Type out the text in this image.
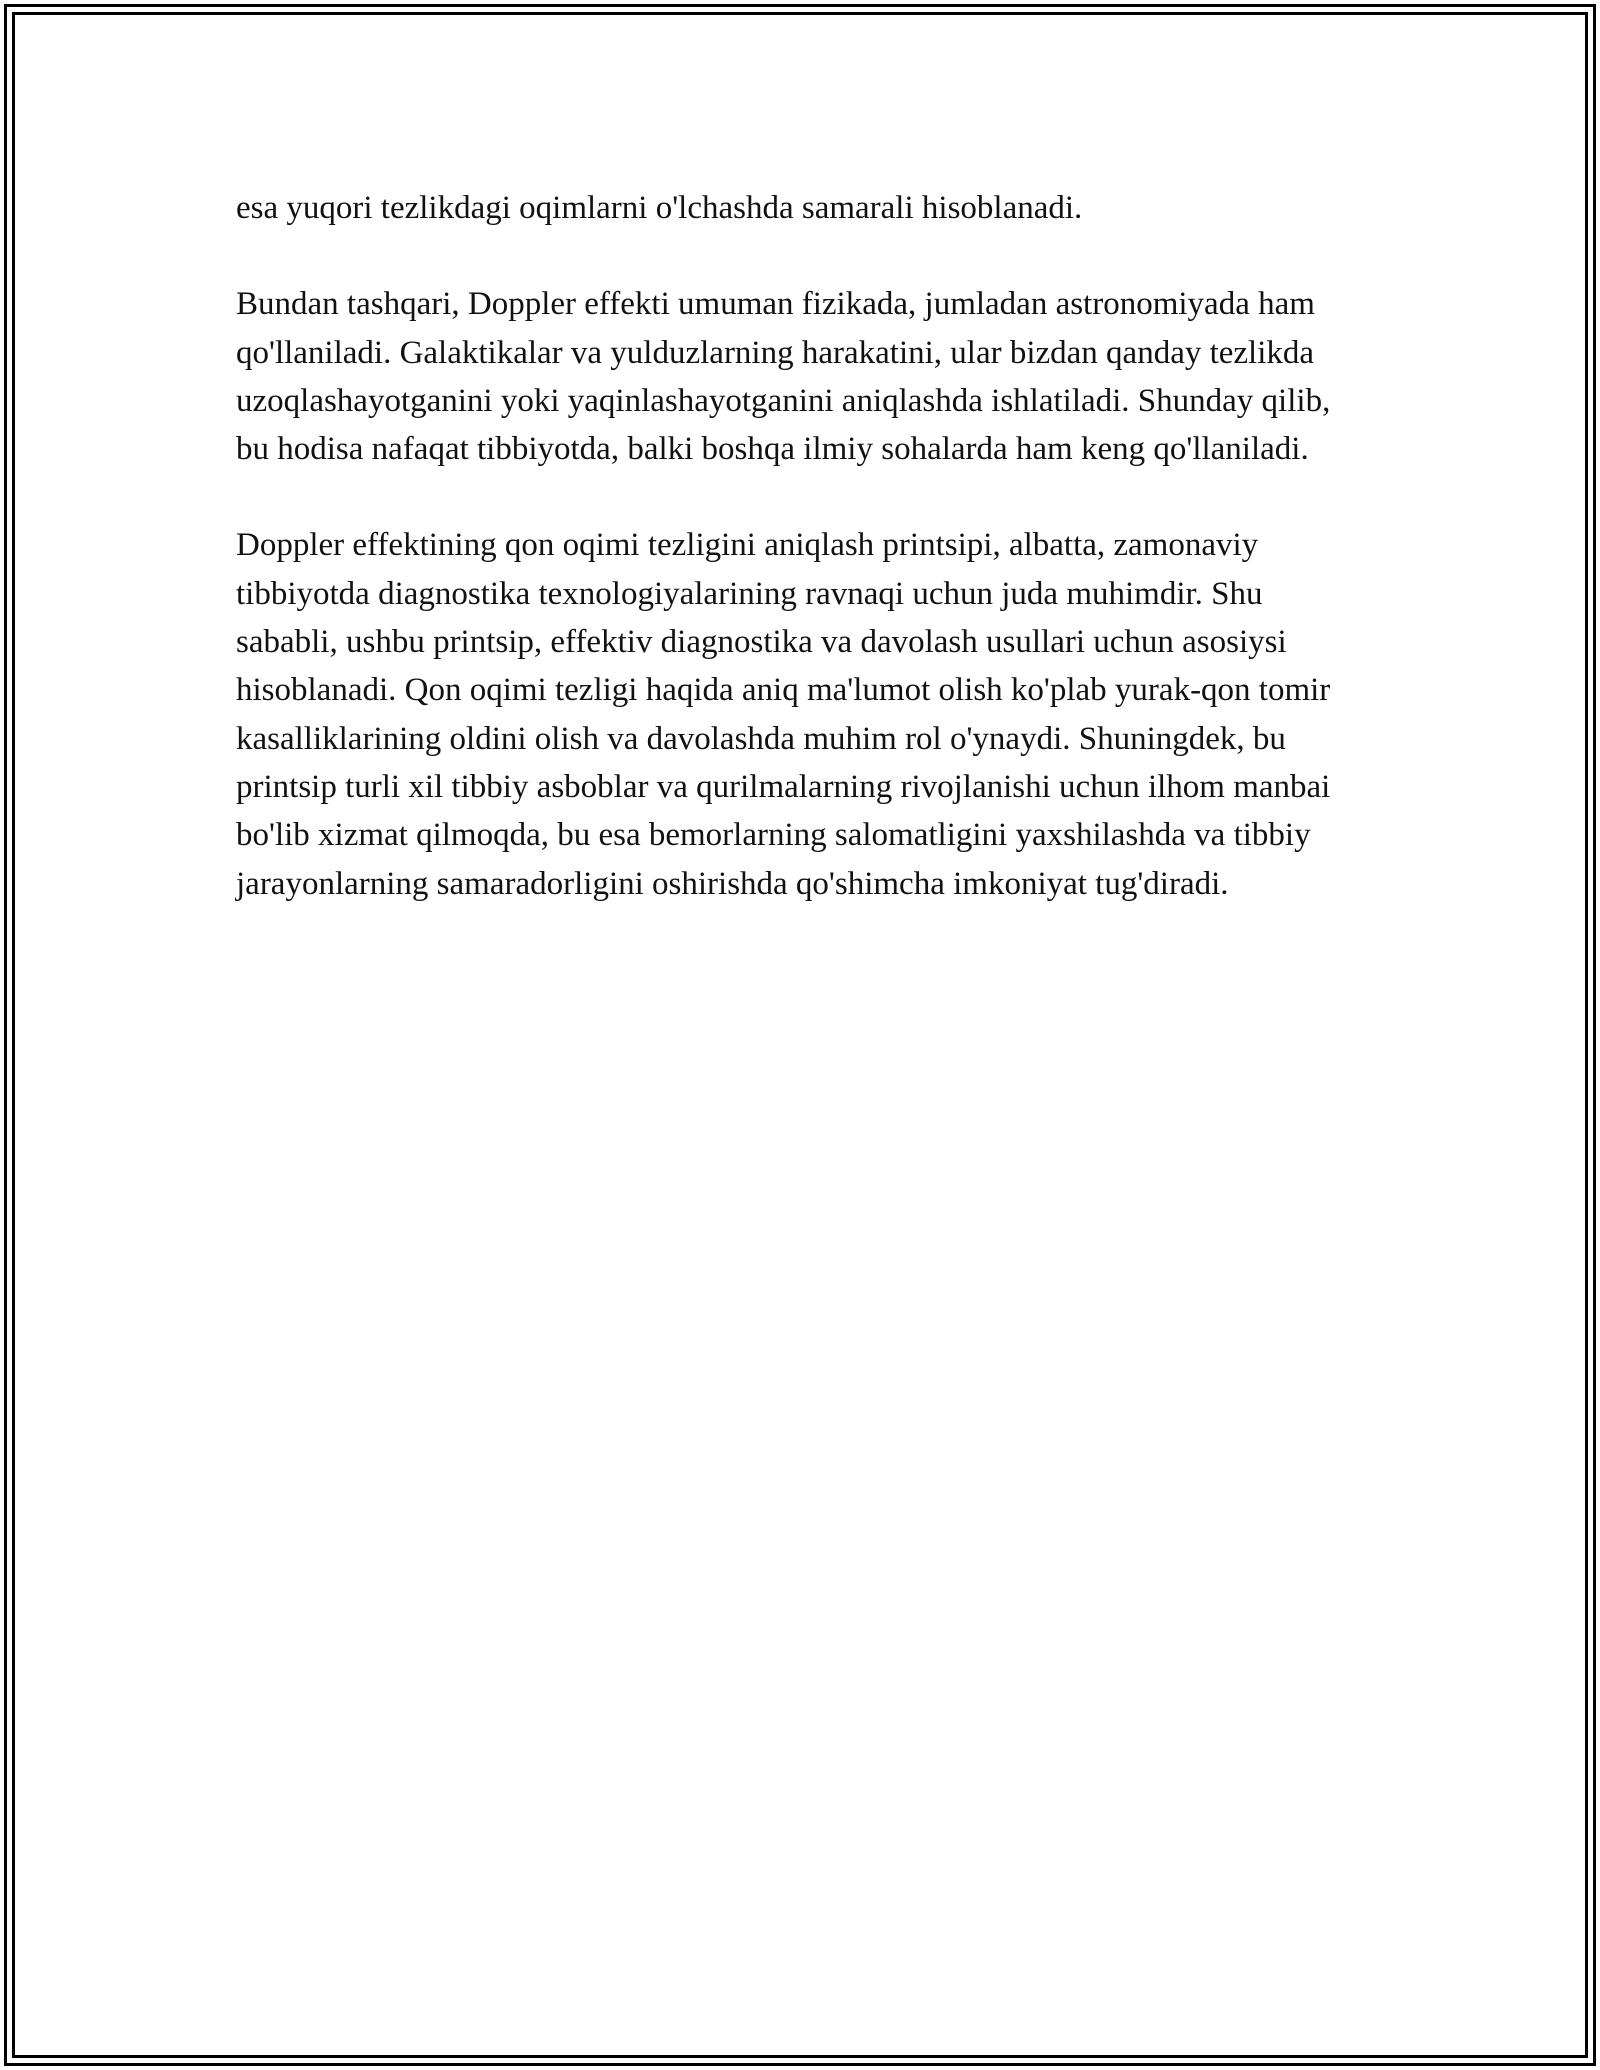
esa yuqori tezlikdagi oqimlarni o'lchashda samarali hisoblanadi.

Bundan tashqari, Doppler effekti umuman fizikada, jumladan astronomiyada ham qo'llaniladi. Galaktikalar va yulduzlarning harakatini, ular bizdan qanday tezlikda uzoqlashayotganini yoki yaqinlashayotganini aniqlashda ishlatiladi. Shunday qilib, bu hodisa nafaqat tibbiyotda, balki boshqa ilmiy sohalarda ham keng qo'llaniladi.

Doppler effektining qon oqimi tezligini aniqlash printsipi, albatta, zamonaviy tibbiyotda diagnostika texnologiyalarining ravnaqi uchun juda muhimdir. Shu sababli, ushbu printsip, effektiv diagnostika va davolash usullari uchun asosiysi hisoblanadi. Qon oqimi tezligi haqida aniq ma'lumot olish ko'plab yurak-qon tomir kasalliklarining oldini olish va davolashda muhim rol o'ynaydi. Shuningdek, bu printsip turli xil tibbiy asboblar va qurilmalarning rivojlanishi uchun ilhom manbai bo'lib xizmat qilmoqda, bu esa bemorlarning salomatligini yaxshilashda va tibbiy jarayonlarning samaradorligini oshirishda qo'shimcha imkoniyat tug'diradi.
